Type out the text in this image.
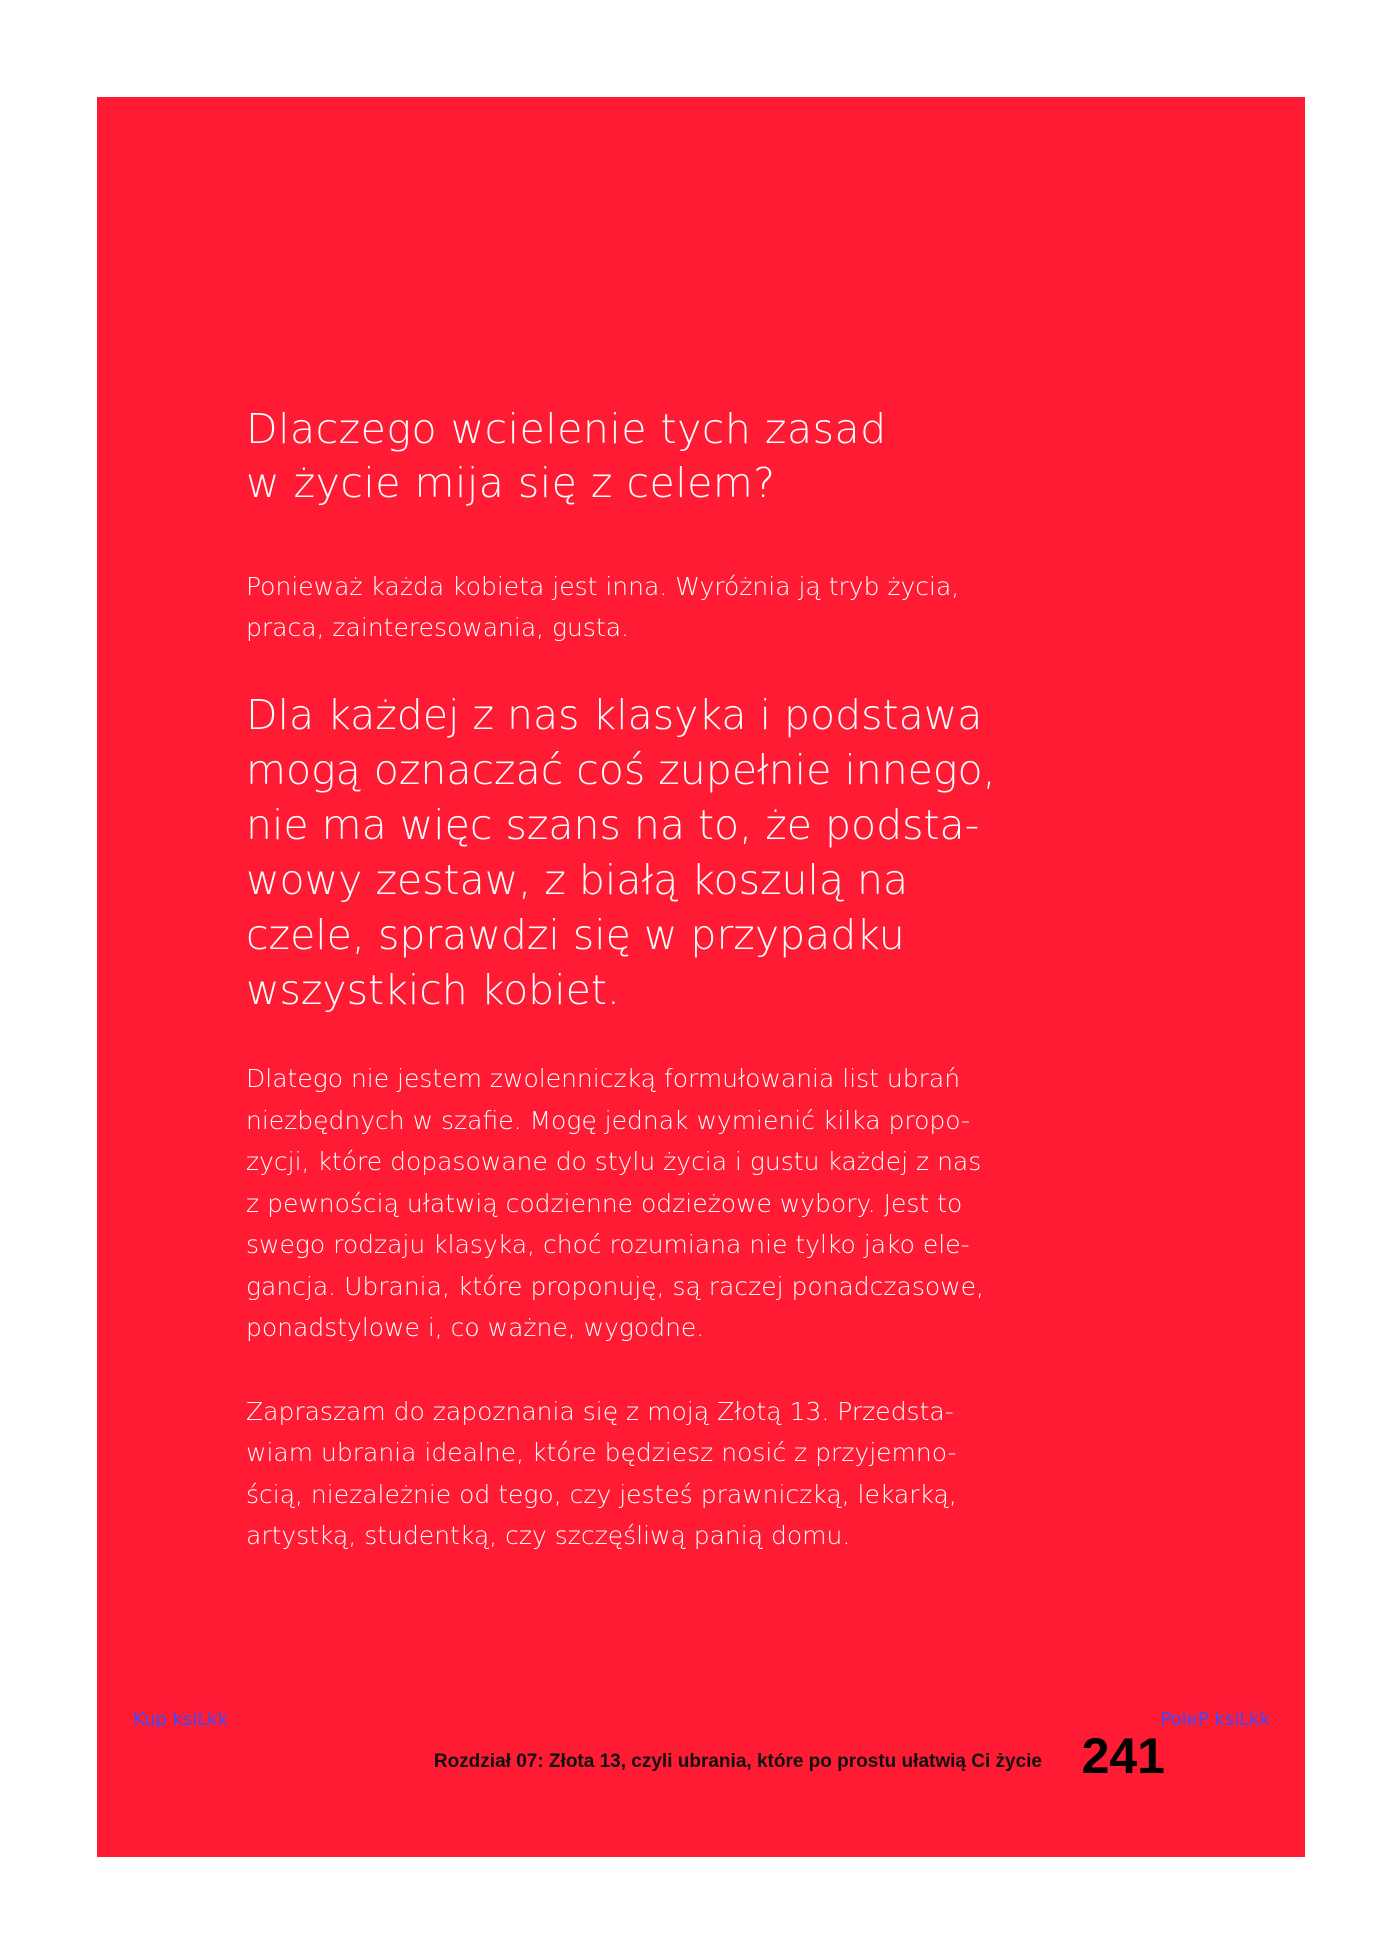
Dlaczego wcielenie tych zasad
w życie mija się z celem?

Ponieważ każda kobieta jest inna. Wyróżnia ją tryb życia,
praca, zainteresowania, gusta.

Dla każdej z nas klasyka i podstawa
mogą oznaczać coś zupełnie innego,
nie ma więc szans na to, że podsta-
wowy zestaw, z białą koszulą na
czele, sprawdzi się w przypadku
wszystkich kobiet.

Dlatego nie jestem zwolenniczką formułowania list ubrań
niezbędnych w szafie. Mogę jednak wymienić kilka propo-
zycji, które dopasowane do stylu życia i gustu każdej z nas
z pewnością ułatwią codzienne odzieżowe wybory. Jest to
swego rodzaju klasyka, choć rozumiana nie tylko jako ele-
gancja. Ubrania, które proponuję, są raczej ponadczasowe,
ponadstylowe i, co ważne, wygodne.

Zapraszam do zapoznania się z moją Złotą 13. Przedsta-
wiam ubrania idealne, które będziesz nosić z przyjemno-
ścią, niezależnie od tego, czy jesteś prawniczką, lekarką,
artystką, studentką, czy szczęśliwą panią domu.

Rozdział 07: Złota 13, czyli ubrania, które po prostu ułatwią Ci życie 241
Kup ksiLkk	PoleP ksiLkk
